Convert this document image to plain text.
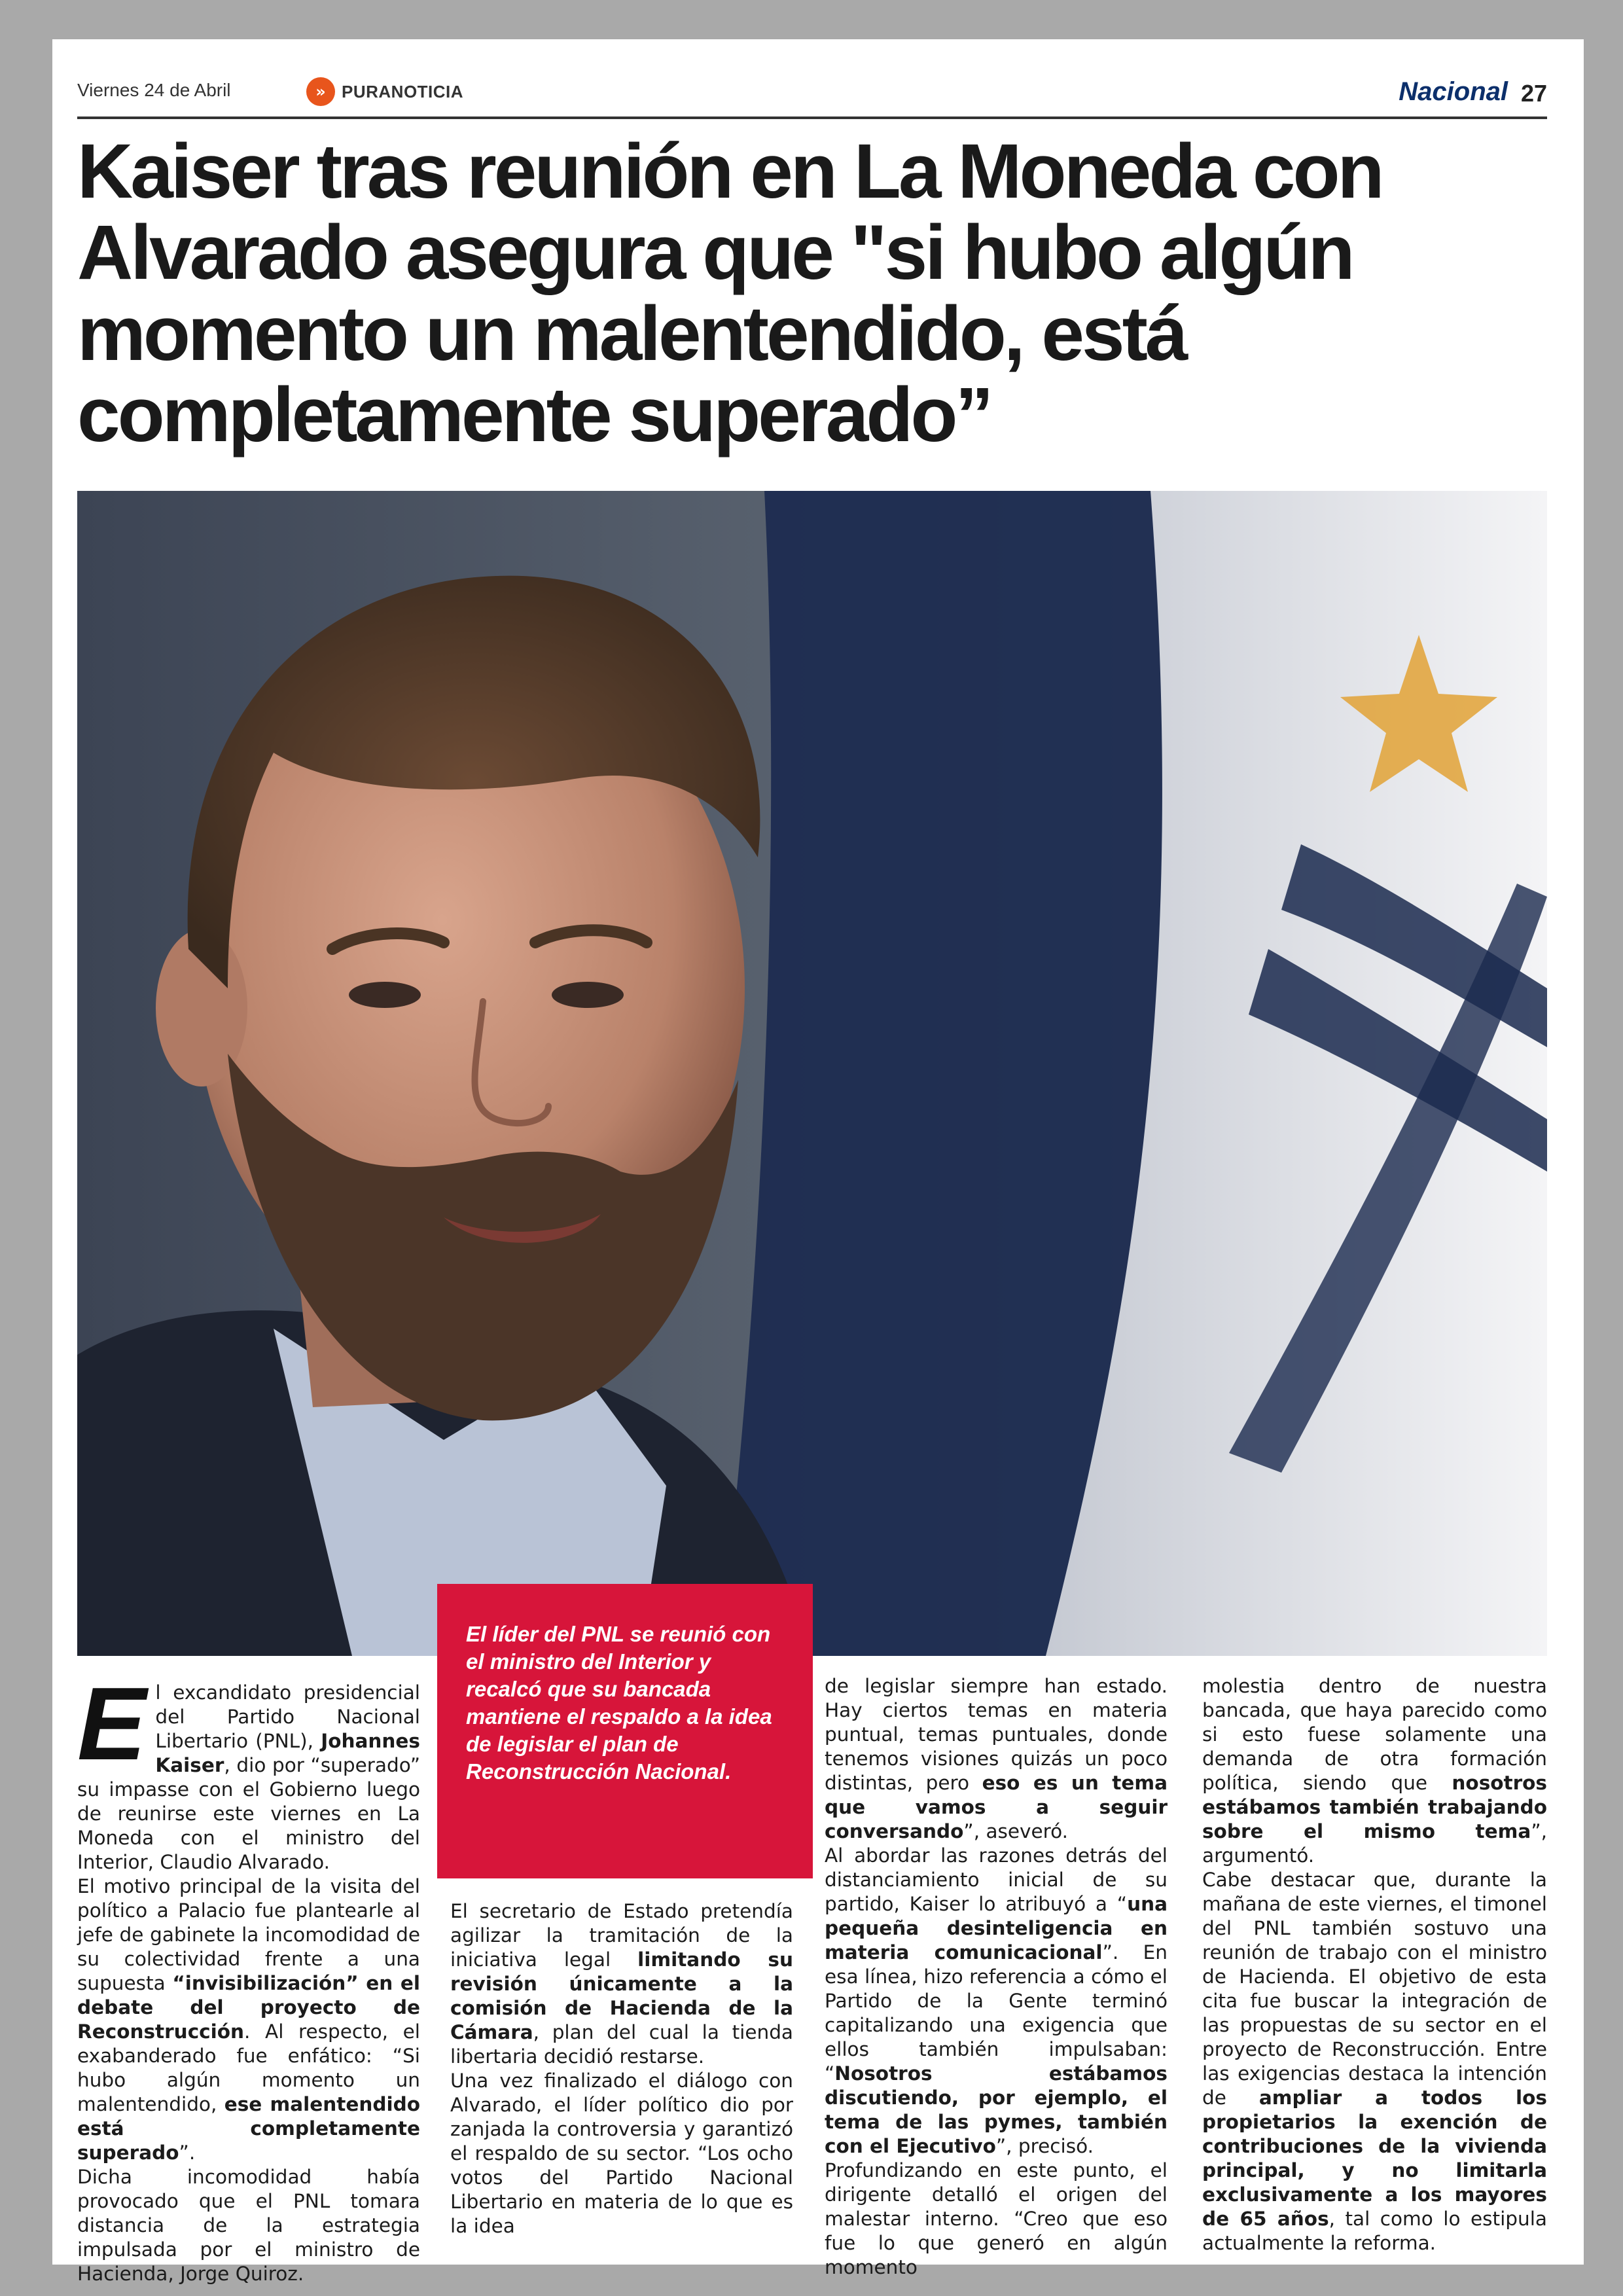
Viernes 24 de Abril	» PURANOTICIA	Nacional 27
Kaiser tras reunión en La Moneda con Alvarado asegura que "si hubo algún momento un malentendido, está completamente superado”
El líder del PNL se reunió con el ministro del Interior y recalcó que su bancada mantiene el respaldo a la idea de legislar el plan de Reconstrucción Nacional.
E l excandidato presidencial del Partido Nacional Libertario (PNL), Johannes Kaiser, dio por “superado” su impasse con el Gobierno luego de reunirse este viernes en La Moneda con el ministro del Interior, Claudio Alvarado.
El motivo principal de la visita del político a Palacio fue plantearle al jefe de gabinete la incomodidad de su colectividad frente a una supuesta “invisibilización” en el debate del proyecto de Reconstrucción. Al respecto, el exabanderado fue enfático: “Si hubo algún momento un malentendido, ese malentendido está completamente superado”.
Dicha incomodidad había provocado que el PNL tomara distancia de la estrategia impulsada por el ministro de Hacienda, Jorge Quiroz.

El secretario de Estado pretendía agilizar la tramitación de la iniciativa legal limitando su revisión únicamente a la comisión de Hacienda de la Cámara, plan del cual la tienda libertaria decidió restarse.
Una vez finalizado el diálogo con Alvarado, el líder político dio por zanjada la controversia y garantizó el respaldo de su sector. “Los ocho votos del Partido Nacional Libertario en materia de lo que es la idea

de legislar siempre han estado. Hay ciertos temas en materia puntual, temas puntuales, donde tenemos visiones quizás un poco distintas, pero eso es un tema que vamos a seguir conversando”, aseveró.
Al abordar las razones detrás del distanciamiento inicial de su partido, Kaiser lo atribuyó a “una pequeña desinteligencia en materia comunicacional”. En esa línea, hizo referencia a cómo el Partido de la Gente terminó capitalizando una exigencia que ellos también impulsaban: “Nosotros estábamos discutiendo, por ejemplo, el tema de las pymes, también con el Ejecutivo”, precisó.
Profundizando en este punto, el dirigente detalló el origen del malestar interno. “Creo que eso fue lo que generó en algún momento

molestia dentro de nuestra bancada, que haya parecido como si esto fuese solamente una demanda de otra formación política, siendo que nosotros estábamos también trabajando sobre el mismo tema”, argumentó.
Cabe destacar que, durante la mañana de este viernes, el timonel del PNL también sostuvo una reunión de trabajo con el ministro de Hacienda. El objetivo de esta cita fue buscar la integración de las propuestas de su sector en el proyecto de Reconstrucción. Entre las exigencias destaca la intención de ampliar a todos los propietarios la exención de contribuciones de la vivienda principal, y no limitarla exclusivamente a los mayores de 65 años, tal como lo estipula actualmente la reforma.
